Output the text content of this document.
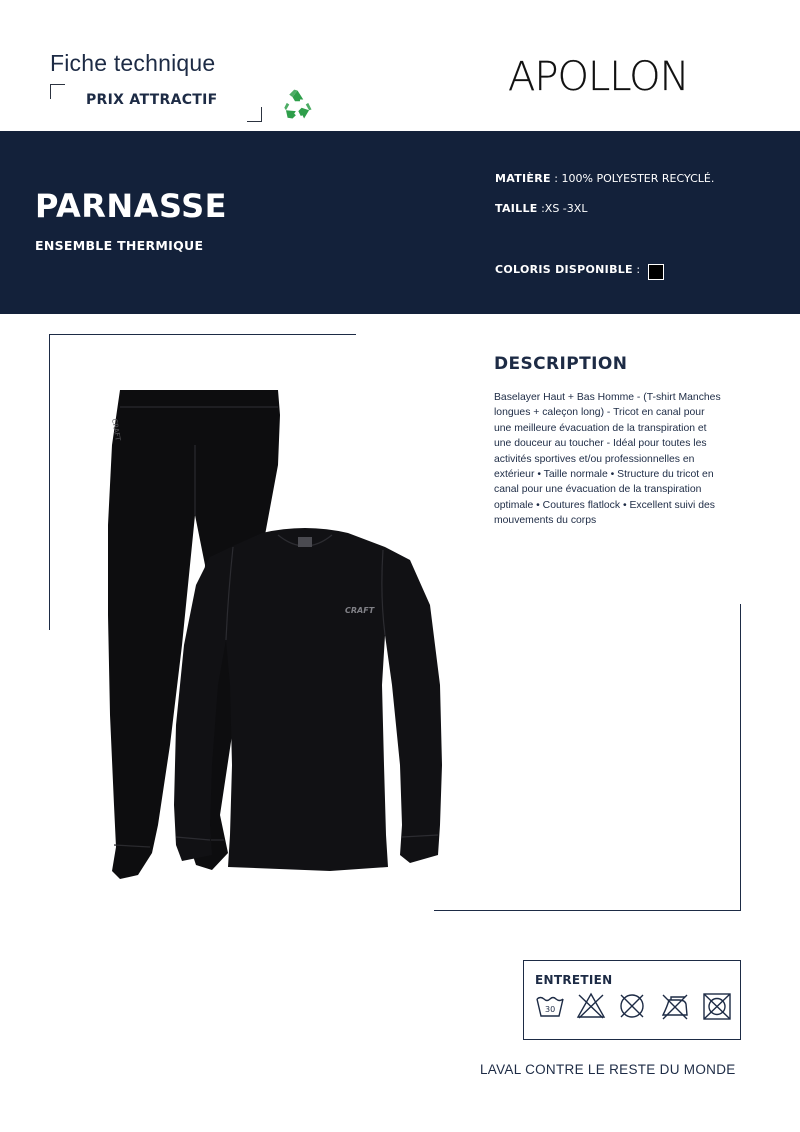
Fiche technique
PRIX ATTRACTIF	APOLLON
PARNASSE
ENSEMBLE THERMIQUE
MATIÈRE : 100% POLYESTER RECYCLÉ.
TAILLE :XS -3XL
COLORIS DISPONIBLE :
CRAFT
CRAFT
DESCRIPTION
Baselayer Haut + Bas Homme - (T-shirt Manches longues + caleçon long) - Tricot en canal pour une meilleure évacuation de la transpiration et une douceur au toucher - Idéal pour toutes les activités sportives et/ou professionnelles en extérieur • Taille normale • Structure du tricot en canal pour une évacuation de la transpiration optimale • Coutures flatlock • Excellent suivi des mouvements du corps
ENTRETIEN
30
LAVAL CONTRE LE RESTE DU MONDE
